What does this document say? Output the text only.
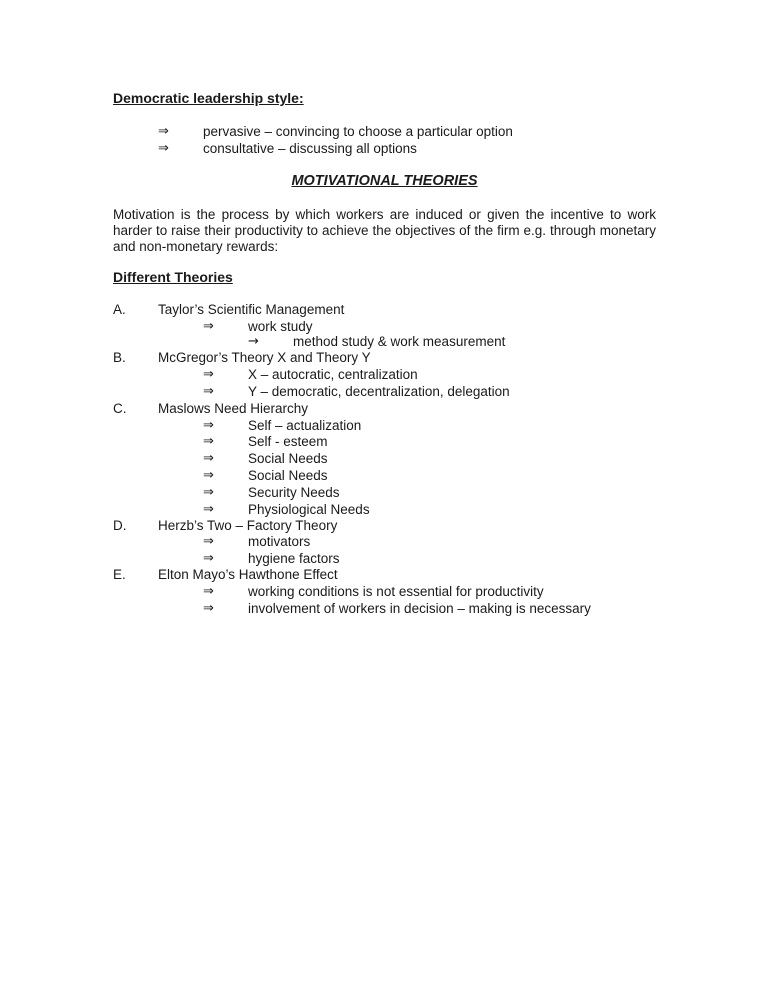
Democratic leadership style:
⇒	pervasive – convincing to choose a particular option
⇒	consultative – discussing all options
MOTIVATIONAL THEORIES
Motivation is the process by which workers are induced or given the incentive to work harder to raise their productivity to achieve the objectives of the firm e.g. through monetary and non-monetary rewards:
Different Theories
A. Taylor’s Scientific Management
⇒	work study
→	method study & work measurement
B. McGregor’s Theory X and Theory Y
⇒	X – autocratic, centralization
⇒	Y – democratic, decentralization, delegation
C. Maslows Need Hierarchy
⇒	Self – actualization
⇒	Self - esteem
⇒	Social Needs
⇒	Social Needs
⇒	Security Needs
⇒	Physiological Needs
D. Herzb’s Two – Factory Theory
⇒	motivators
⇒	hygiene factors
E. Elton Mayo’s Hawthone Effect
⇒	working conditions is not essential for productivity
⇒	involvement of workers in decision – making is necessary
